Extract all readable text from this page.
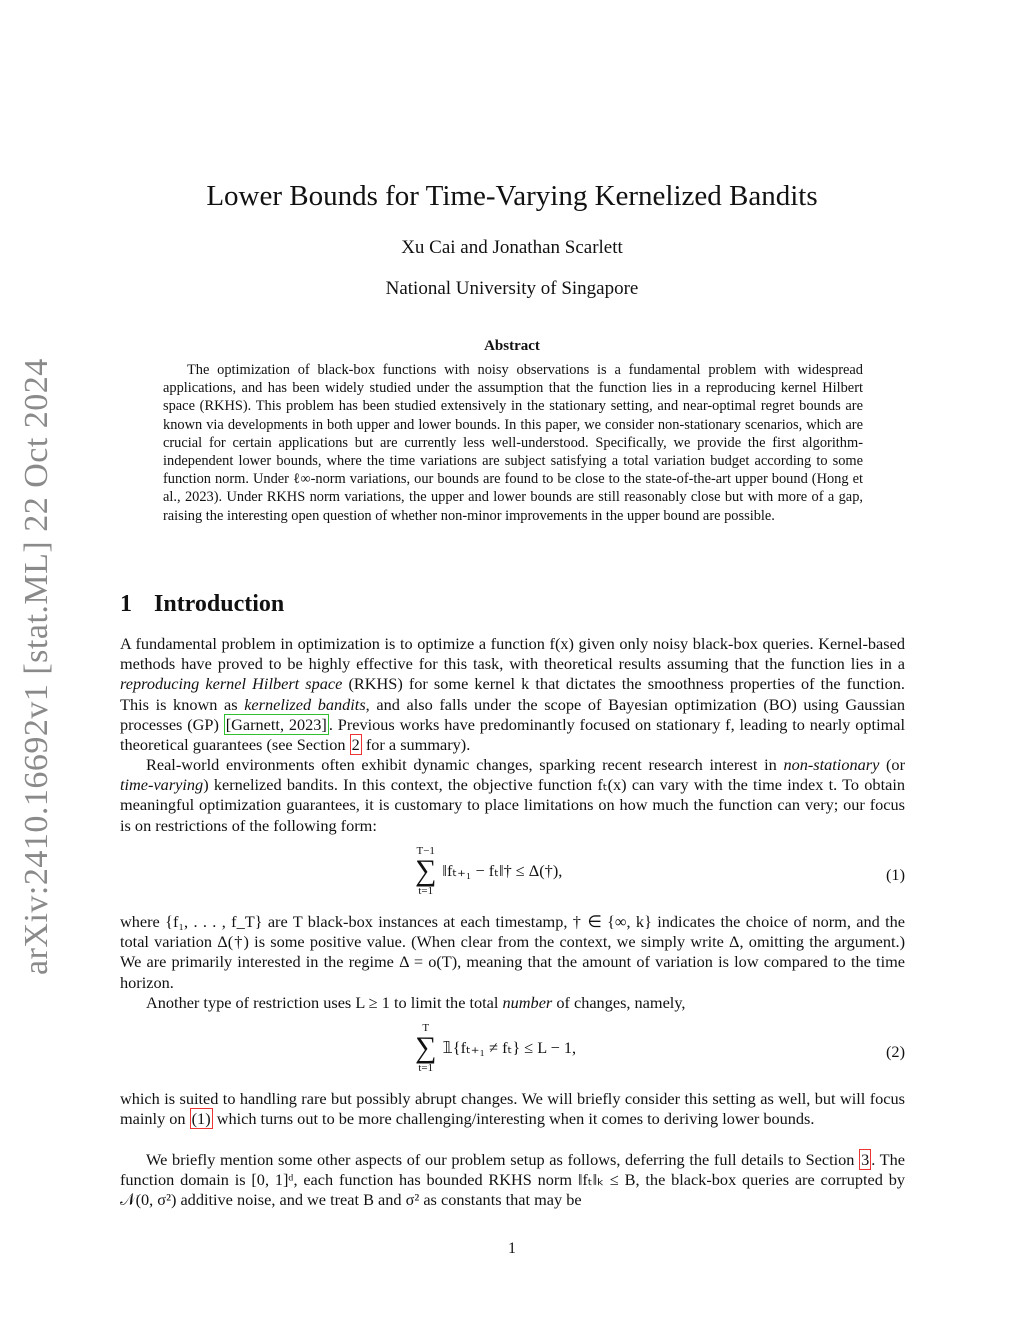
arXiv:2410.16692v1 [stat.ML] 22 Oct 2024
Lower Bounds for Time-Varying Kernelized Bandits
Xu Cai and Jonathan Scarlett
National University of Singapore
Abstract

The optimization of black-box functions with noisy observations is a fundamental problem with widespread applications, and has been widely studied under the assumption that the function lies in a reproducing kernel Hilbert space (RKHS). This problem has been studied extensively in the stationary setting, and near-optimal regret bounds are known via developments in both upper and lower bounds. In this paper, we consider non-stationary scenarios, which are crucial for certain applications but are currently less well-understood. Specifically, we provide the first algorithm-independent lower bounds, where the time variations are subject satisfying a total variation budget according to some function norm. Under ℓ∞-norm variations, our bounds are found to be close to the state-of-the-art upper bound (Hong et al., 2023). Under RKHS norm variations, the upper and lower bounds are still reasonably close but with more of a gap, raising the interesting open question of whether non-minor improvements in the upper bound are possible.

1 Introduction

A fundamental problem in optimization is to optimize a function f(x) given only noisy black-box queries. Kernel-based methods have proved to be highly effective for this task, with theoretical results assuming that the function lies in a reproducing kernel Hilbert space (RKHS) for some kernel k that dictates the smoothness properties of the function. This is known as kernelized bandits, and also falls under the scope of Bayesian optimization (BO) using Gaussian processes (GP) [Garnett, 2023] . Previous works have predominantly focused on stationary f, leading to nearly optimal theoretical guarantees (see Section 2 for a summary).

Real-world environments often exhibit dynamic changes, sparking recent research interest in non-stationary (or time-varying) kernelized bandits. In this context, the objective function fₜ(x) can vary with the time index t. To obtain meaningful optimization guarantees, it is customary to place limitations on how much the function can very; our focus is on restrictions of the following form:

T−1
∑
t=1
‖fₜ₊₁ − fₜ‖† ≤ Δ(†),	(1)

where {f₁, . . . , f_T} are T black-box instances at each timestamp, † ∈ {∞, k} indicates the choice of norm, and the total variation Δ(†) is some positive value. (When clear from the context, we simply write Δ, omitting the argument.) We are primarily interested in the regime Δ = o(T), meaning that the amount of variation is low compared to the time horizon.

Another type of restriction uses L ≥ 1 to limit the total number of changes, namely,

T
∑
t=1
𝟙{fₜ₊₁ ≠ fₜ} ≤ L − 1,	(2)

which is suited to handling rare but possibly abrupt changes. We will briefly consider this setting as well, but will focus mainly on (1) which turns out to be more challenging/interesting when it comes to deriving lower bounds.

We briefly mention some other aspects of our problem setup as follows, deferring the full details to Section 3 . The function domain is [0, 1]ᵈ, each function has bounded RKHS norm ‖fₜ‖ₖ ≤ B, the black-box queries are corrupted by 𝒩(0, σ²) additive noise, and we treat B and σ² as constants that may be

1
